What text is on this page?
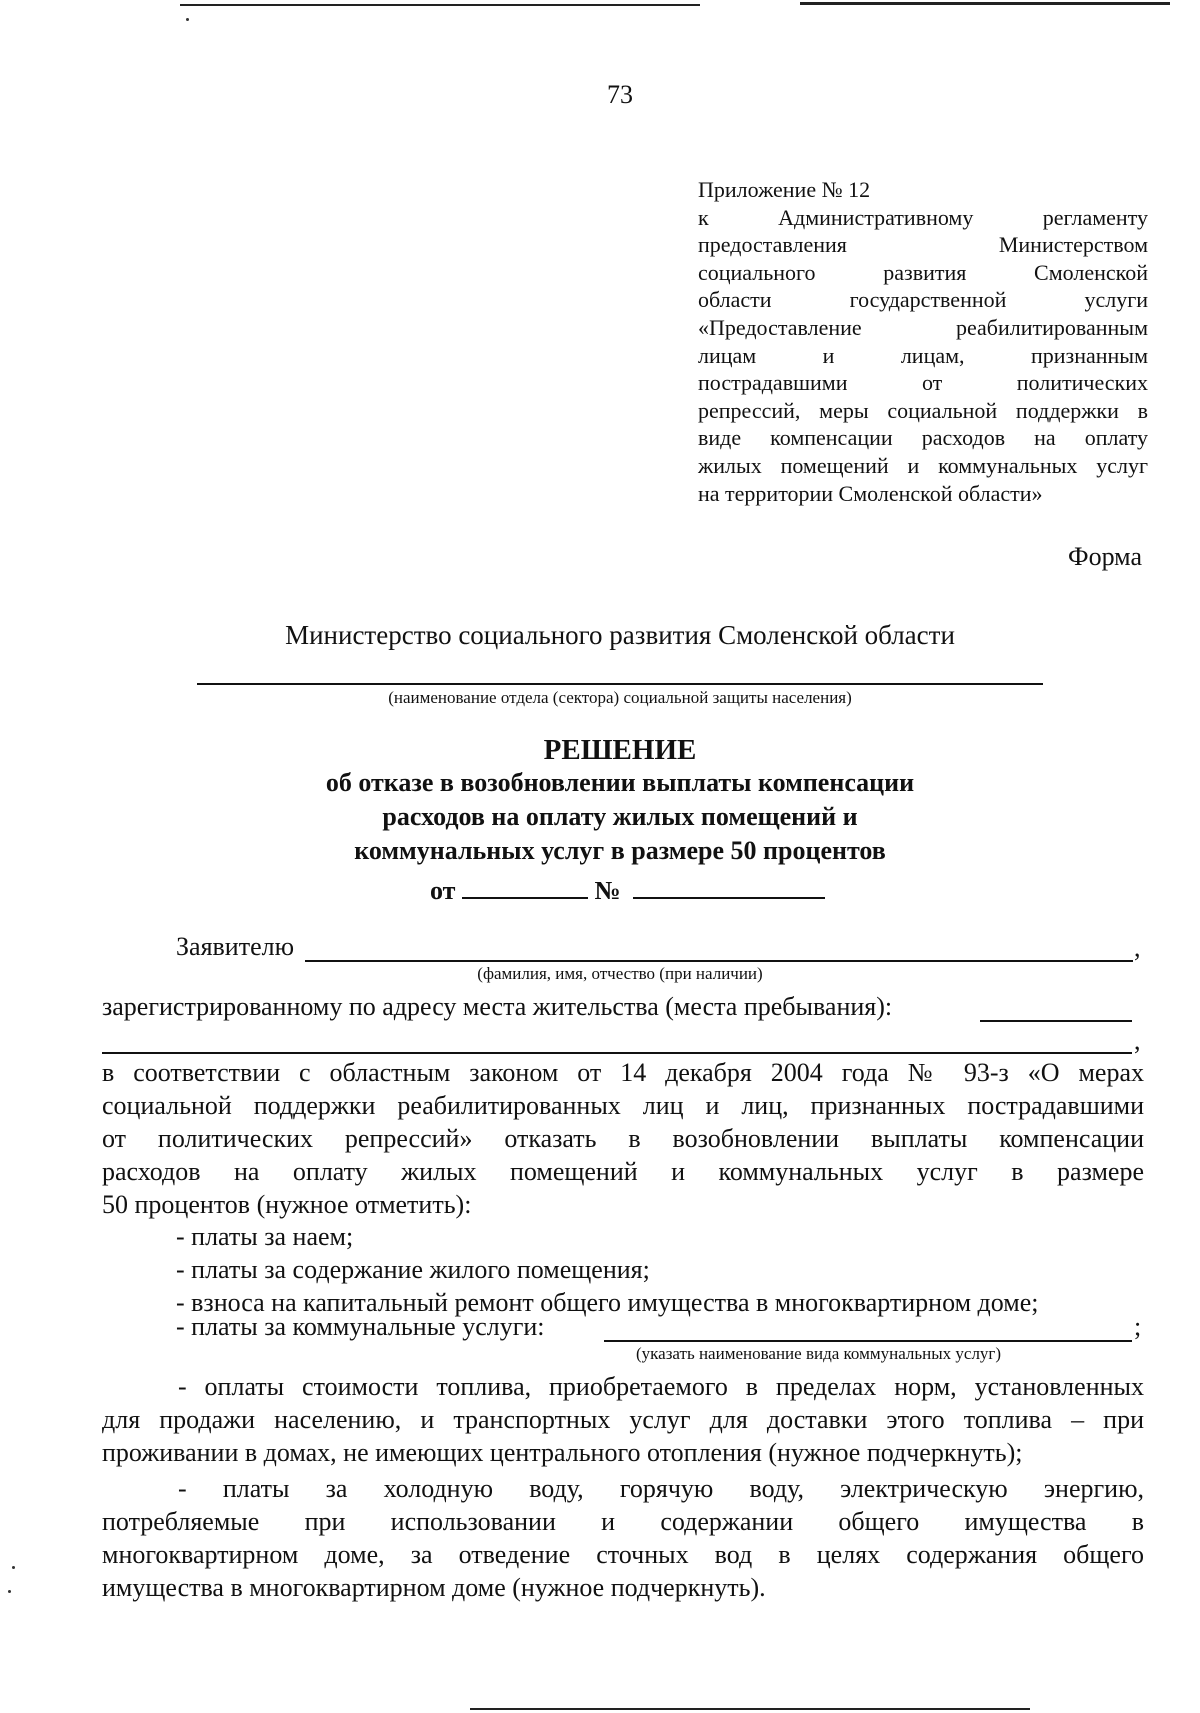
73
Приложение № 12
к Административному регламенту
предоставления Министерством
социального развития Смоленской
области государственной услуги
«Предоставление реабилитированным
лицам и лицам, признанным
пострадавшими от политических
репрессий, меры социальной поддержки в
виде компенсации расходов на оплату
жилых помещений и коммунальных услуг
на территории Смоленской области»
Форма
Министерство социального развития Смоленской области
(наименование отдела (сектора) социальной защиты населения)
РЕШЕНИЕ
об отказе в возобновлении выплаты компенсации
расходов на оплату жилых помещений и
коммунальных услуг в размере 50 процентов
от	№
Заявителю	,
(фамилия, имя, отчество (при наличии)
зарегистрированному по адресу места жительства (места пребывания):
,
в соответствии с областным законом от 14 декабря 2004 года № 93-з «О мерах
социальной поддержки реабилитированных лиц и лиц, признанных пострадавшими
от политических репрессий» отказать в возобновлении выплаты компенсации
расходов на оплату жилых помещений и коммунальных услуг в размере
50 процентов (нужное отметить):
- платы за наем;
- платы за содержание жилого помещения;
- взноса на капитальный ремонт общего имущества в многоквартирном доме;
- платы за коммунальные услуги:	;
(указать наименование вида коммунальных услуг)
- оплаты стоимости топлива, приобретаемого в пределах норм, установленных
для продажи населению, и транспортных услуг для доставки этого топлива – при
проживании в домах, не имеющих центрального отопления (нужное подчеркнуть);
- платы за холодную воду, горячую воду, электрическую энергию,
потребляемые при использовании и содержании общего имущества в
многоквартирном доме, за отведение сточных вод в целях содержания общего
имущества в многоквартирном доме (нужное подчеркнуть).
